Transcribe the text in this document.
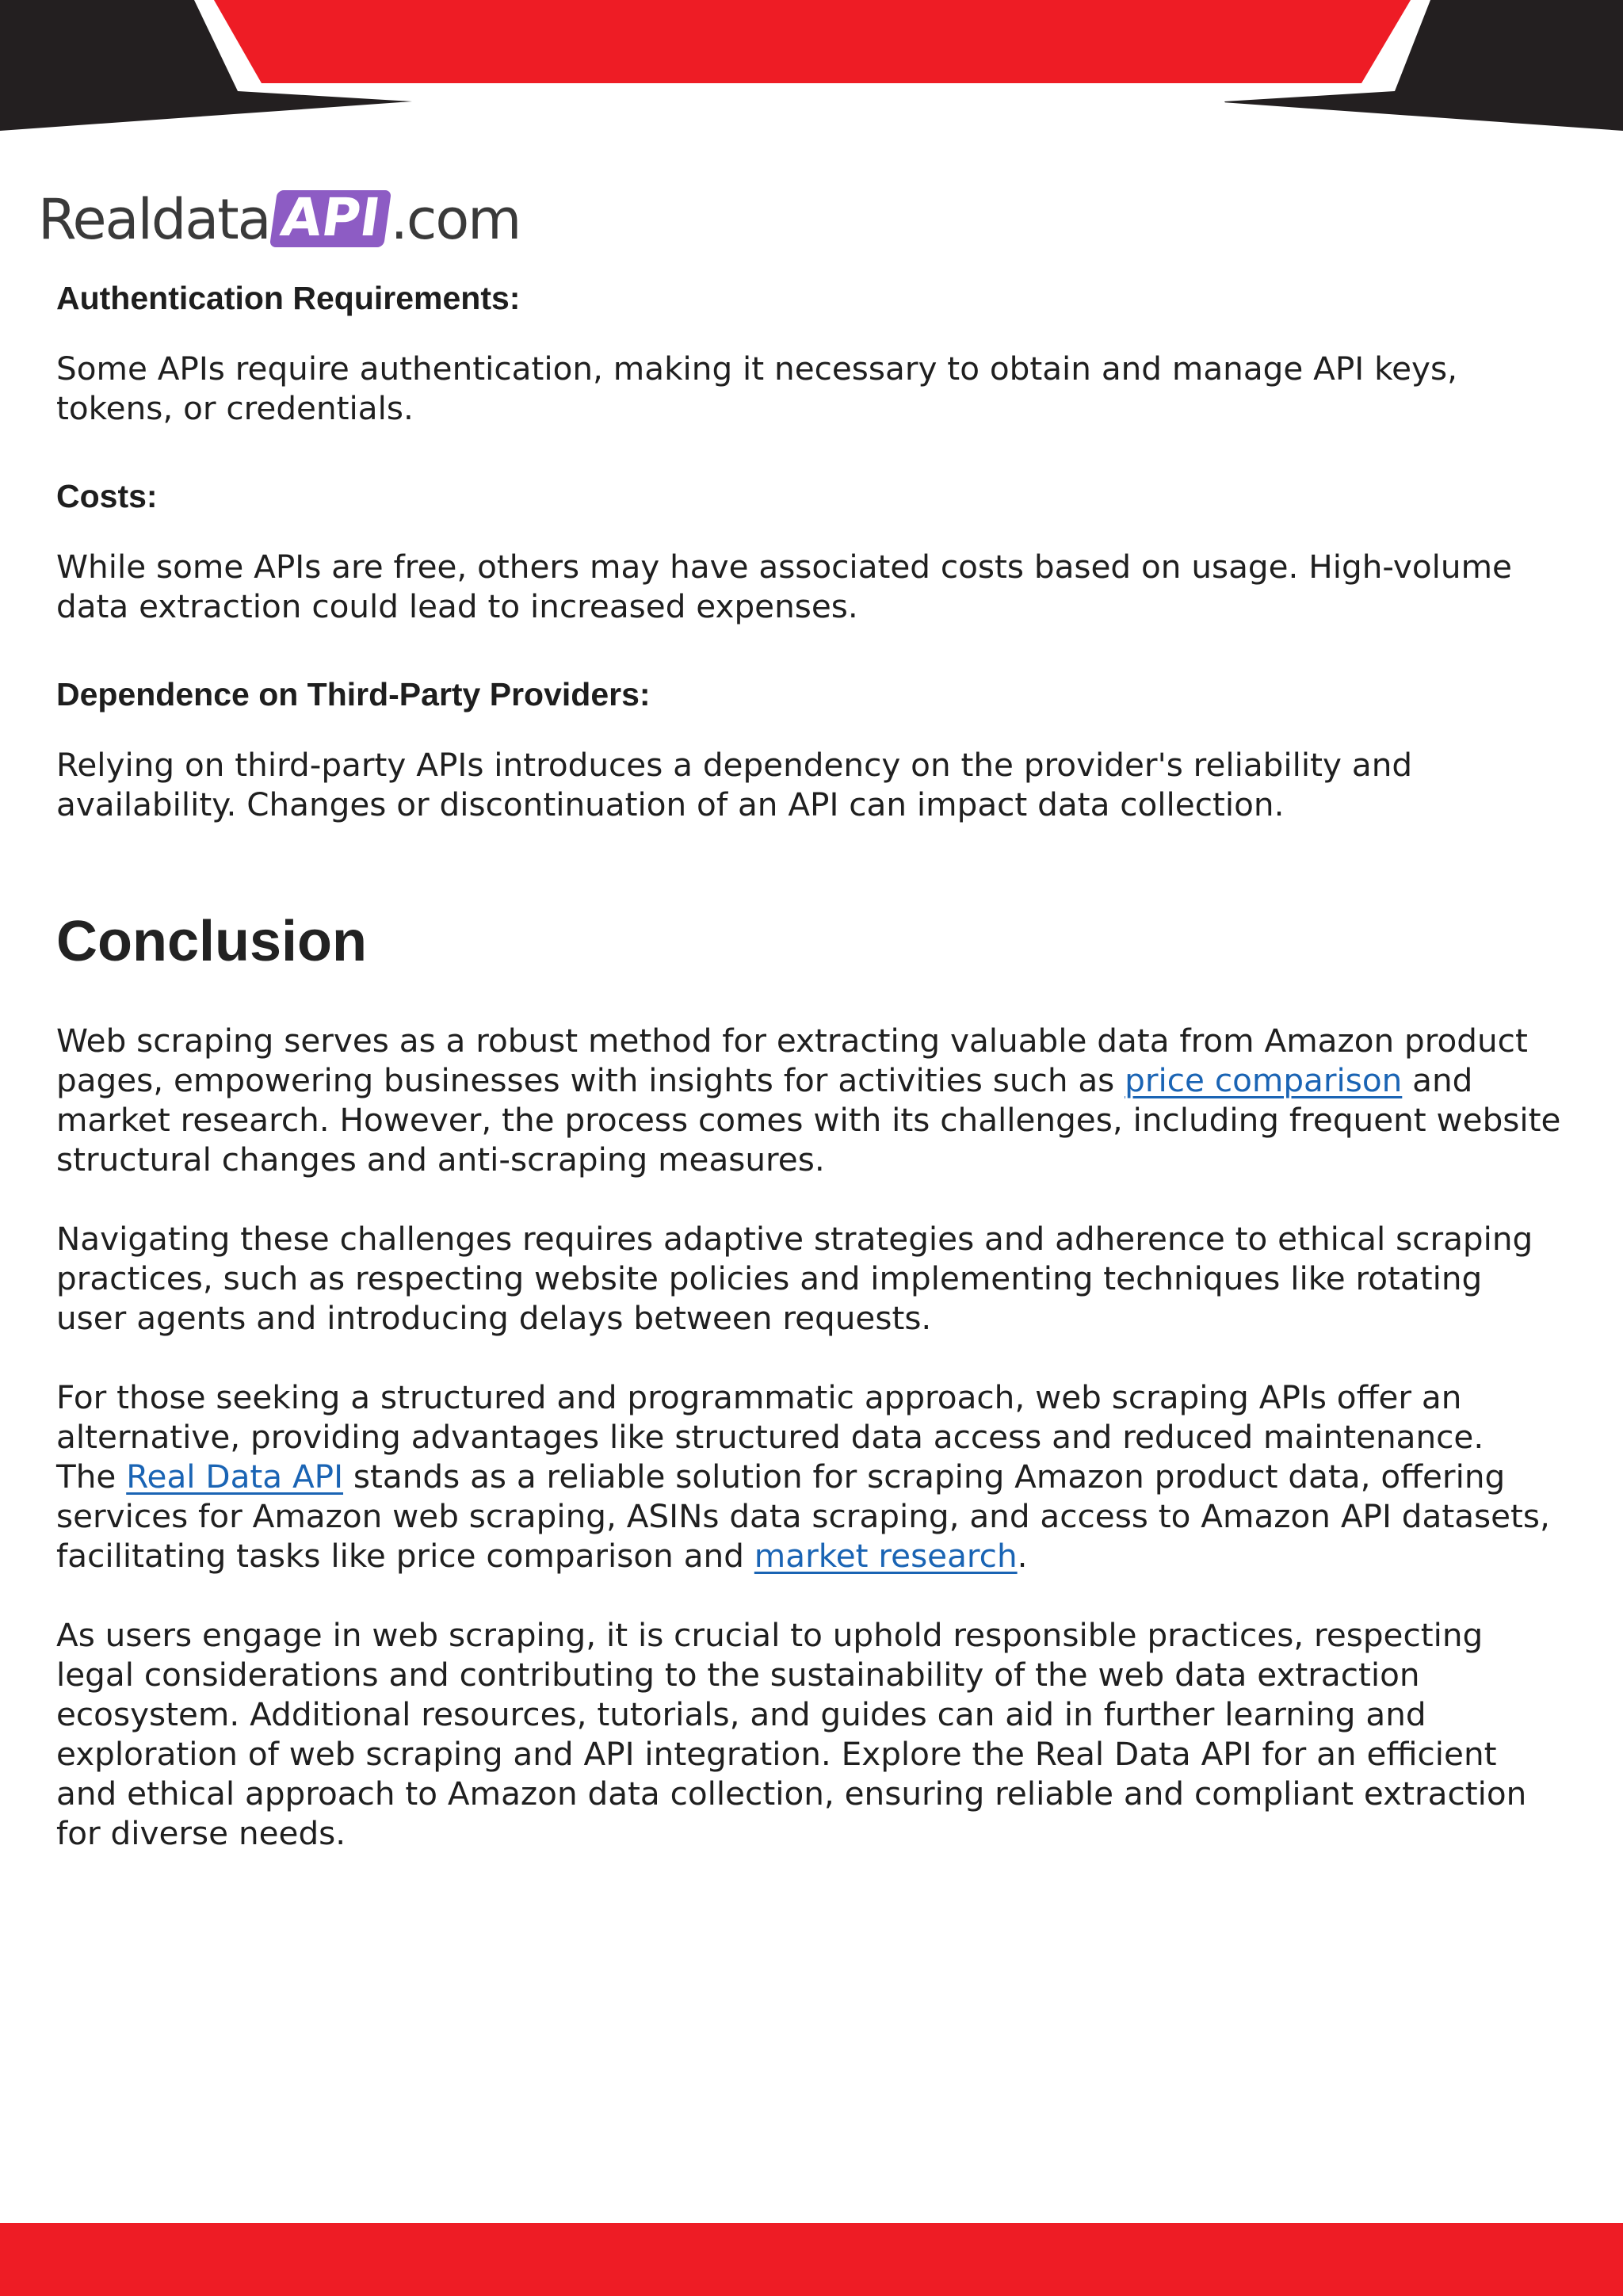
Realdata API .com
Authentication Requirements:

Some APIs require authentication, making it necessary to obtain and manage API keys,
tokens, or credentials.

Costs:

While some APIs are free, others may have associated costs based on usage. High-volume
data extraction could lead to increased expenses.

Dependence on Third-Party Providers:

Relying on third-party APIs introduces a dependency on the provider's reliability and
availability. Changes or discontinuation of an API can impact data collection.

Conclusion

Web scraping serves as a robust method for extracting valuable data from Amazon product
pages, empowering businesses with insights for activities such as price comparison and
market research. However, the process comes with its challenges, including frequent website
structural changes and anti-scraping measures.

Navigating these challenges requires adaptive strategies and adherence to ethical scraping
practices, such as respecting website policies and implementing techniques like rotating
user agents and introducing delays between requests.

For those seeking a structured and programmatic approach, web scraping APIs offer an
alternative, providing advantages like structured data access and reduced maintenance.
The Real Data API stands as a reliable solution for scraping Amazon product data, offering
services for Amazon web scraping, ASINs data scraping, and access to Amazon API datasets,
facilitating tasks like price comparison and market research.

As users engage in web scraping, it is crucial to uphold responsible practices, respecting
legal considerations and contributing to the sustainability of the web data extraction
ecosystem. Additional resources, tutorials, and guides can aid in further learning and
exploration of web scraping and API integration. Explore the Real Data API for an efficient
and ethical approach to Amazon data collection, ensuring reliable and compliant extraction
for diverse needs.
